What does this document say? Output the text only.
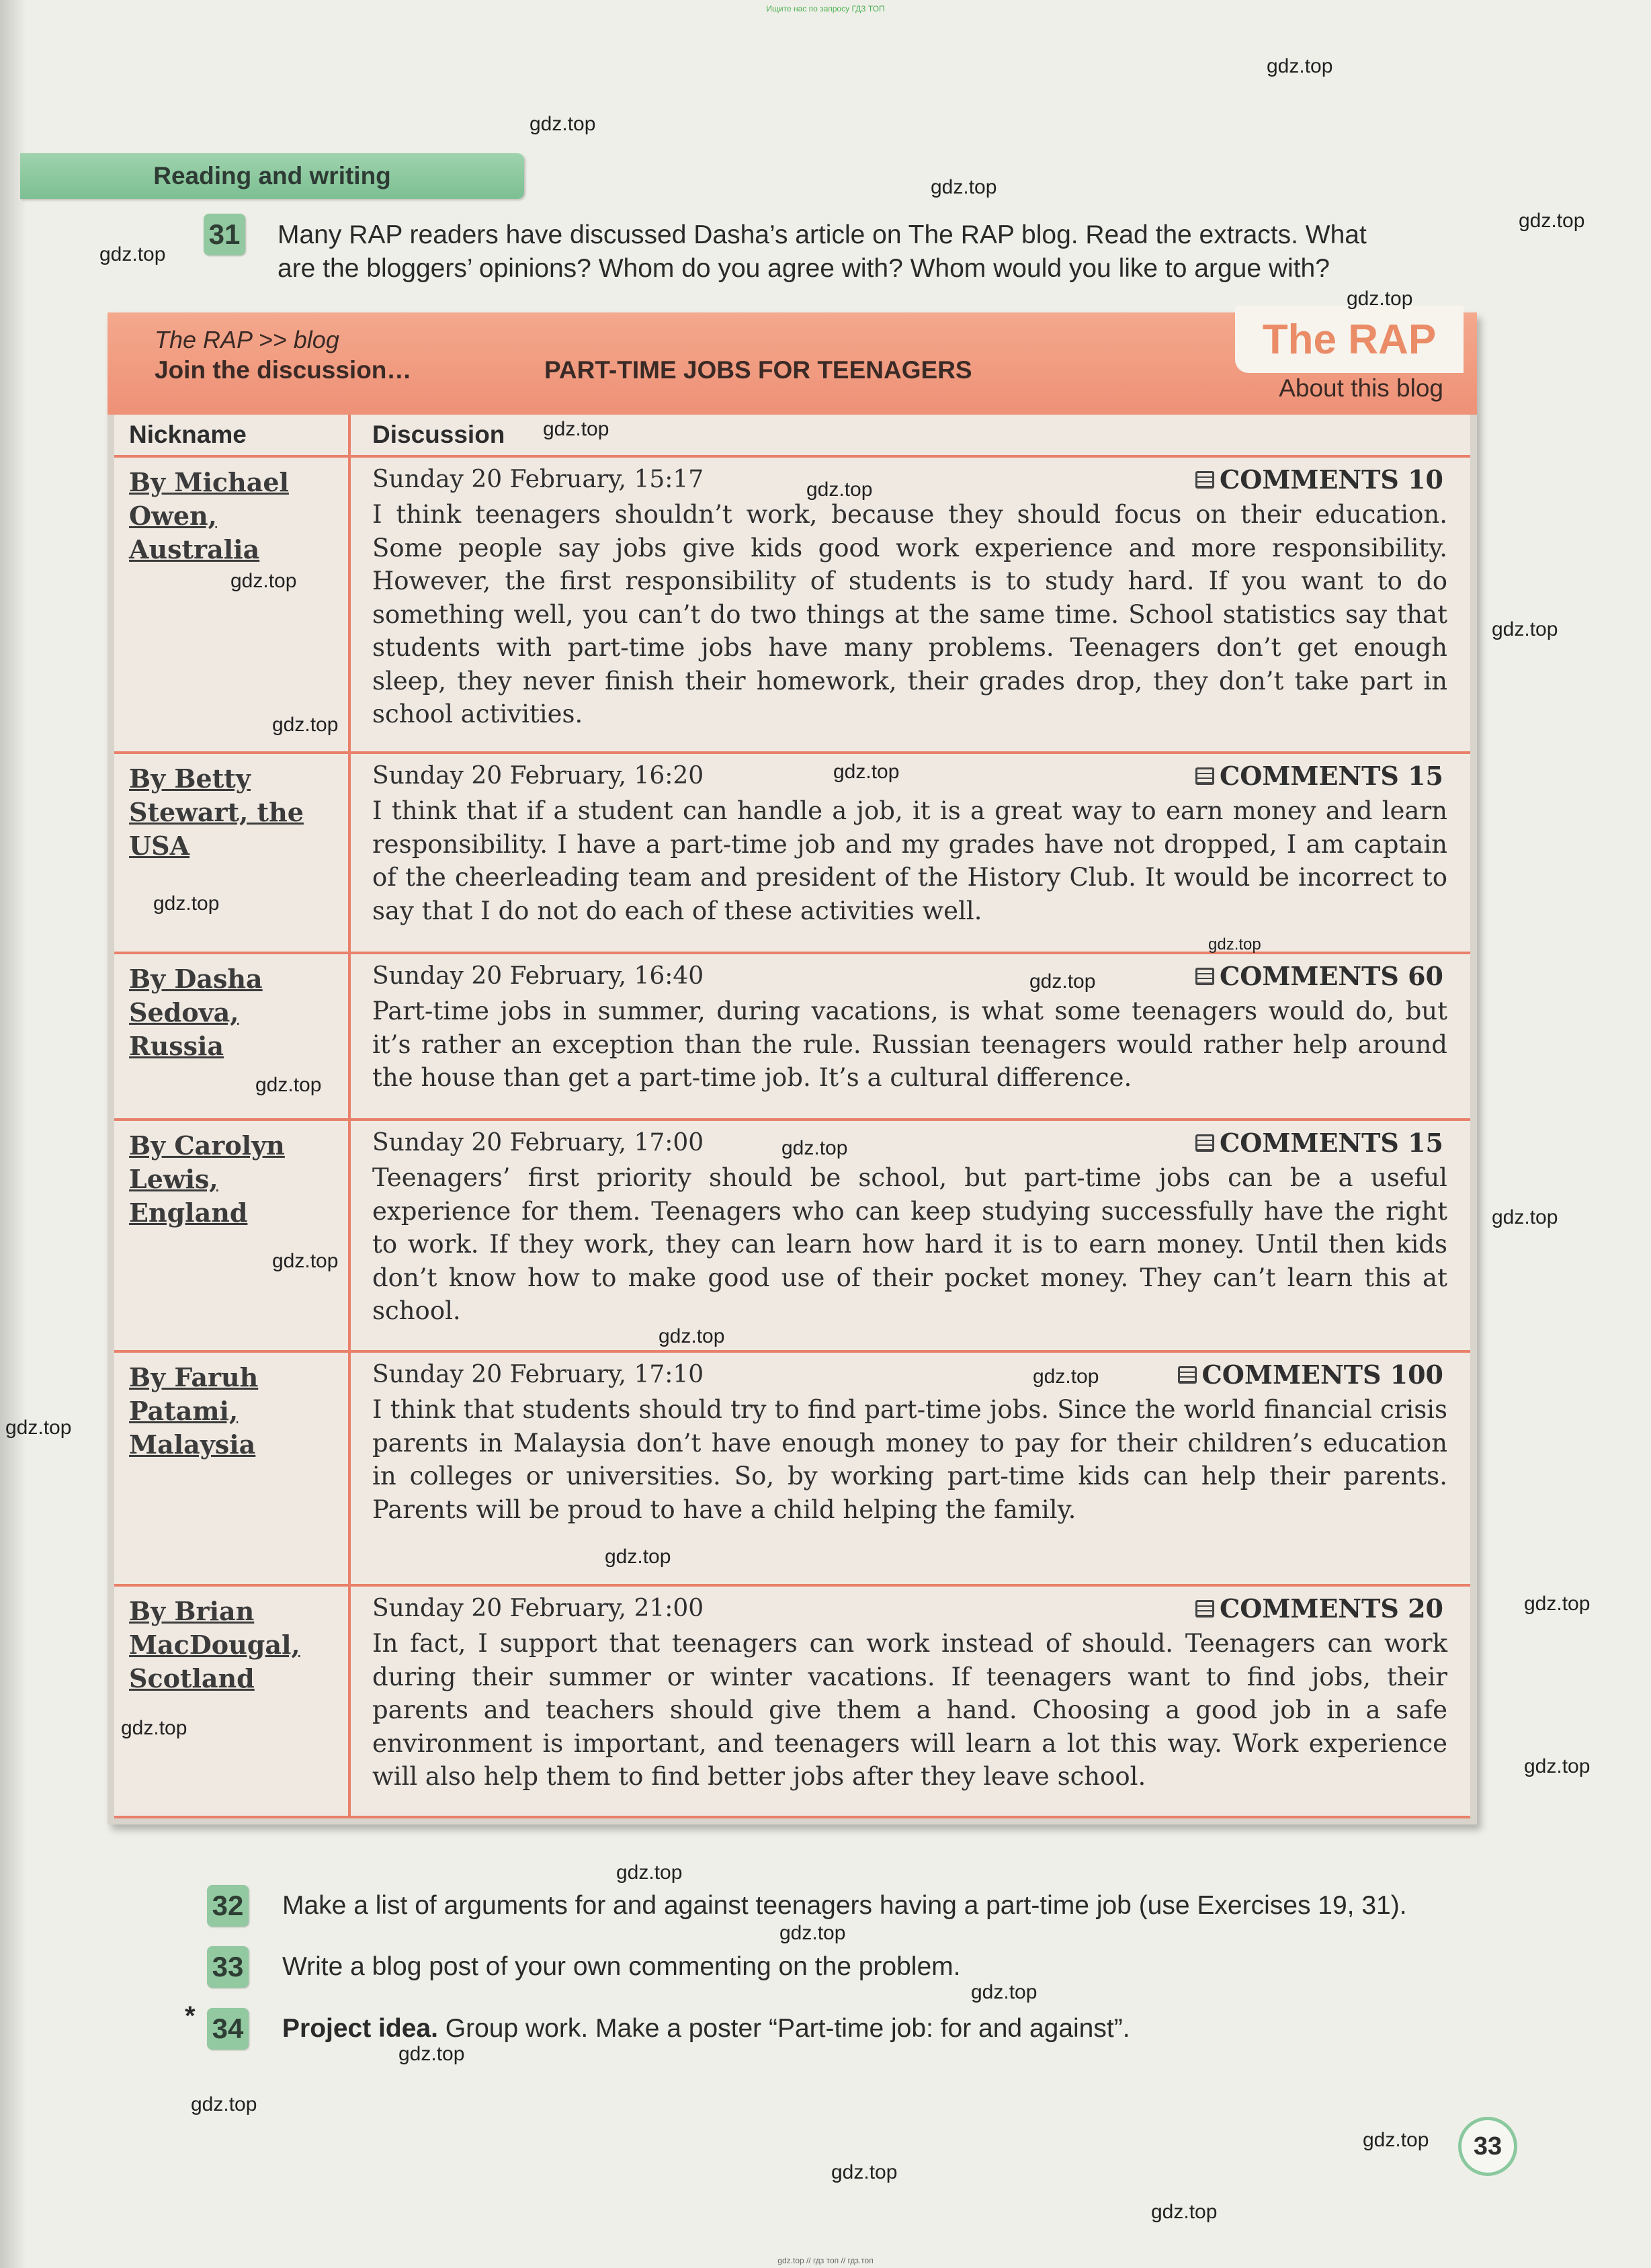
Ищите нас по запросу ГДЗ ТОП
Reading and writing
31 Many RAP readers have discussed Dasha’s article on The RAP blog. Read the extracts. What
are the bloggers’ opinions? Whom do you agree with? Whom would you like to argue with?
The RAP >> blog
Join the discussion…	PART-TIME JOBS FOR TEENAGERS
The RAP
About this blog
Nickname	Discussion
By Michael Owen, Australia
Sunday 20 February, 15:17	COMMENTS 10
I think teenagers shouldn’t work, because they should focus on their education. Some people say jobs give kids good work experience and more responsibility. However, the first responsibility of students is to study hard. If you want to do something well, you can’t do two things at the same time. School statistics say that students with part-time jobs have many problems. Teenagers don’t get enough sleep, they never finish their homework, their grades drop, they don’t take part in school activities.
By Betty Stewart, the USA
Sunday 20 February, 16:20	COMMENTS 15
I think that if a student can handle a job, it is a great way to earn money and learn responsibility. I have a part-time job and my grades have not dropped, I am captain of the cheerleading team and president of the History Club. It would be incorrect to say that I do not do each of these activities well.
By Dasha Sedova, Russia
Sunday 20 February, 16:40	COMMENTS 60
Part-time jobs in summer, during vacations, is what some teenagers would do, but it’s rather an exception than the rule. Russian teenagers would rather help around the house than get a part-time job. It’s a cultural difference.
By Carolyn Lewis, England
Sunday 20 February, 17:00	COMMENTS 15
Teenagers’ first priority should be school, but part-time jobs can be a useful experience for them. Teenagers who can keep studying successfully have the right to work. If they work, they can learn how hard it is to earn money. Until then kids don’t know how to make good use of their pocket money. They can’t learn this at school.
By Faruh Patami, Malaysia
Sunday 20 February, 17:10	COMMENTS 100
I think that students should try to find part-time jobs. Since the world financial crisis parents in Malaysia don’t have enough money to pay for their children’s education in colleges or universities. So, by working part-time kids can help their parents. Parents will be proud to have a child helping the family.
By Brian MacDougal, Scotland
Sunday 20 February, 21:00	COMMENTS 20
In fact, I support that teenagers can work instead of should. Teenagers can work during their summer or winter vacations. If teenagers want to find jobs, their parents and teachers should give them a hand. Choosing a good job in a safe environment is important, and teenagers will learn a lot this way. Work experience will also help them to find better jobs after they leave school.
32 Make a list of arguments for and against teenagers having a part-time job (use Exercises 19, 31).
33 Write a blog post of your own commenting on the problem.
* 34 Project idea. Group work. Make a poster “Part-time job: for and against”.
33
gdz.top
gdz.top
gdz.top
gdz.top
gdz.top
gdz.top
gdz.top
gdz.top
gdz.top
gdz.top
gdz.top
gdz.top
gdz.top
gdz.top
gdz.top
gdz.top
gdz.top
gdz.top
gdz.top
gdz.top
gdz.top
gdz.top
gdz.top
gdz.top
gdz.top
gdz.top
gdz.top
gdz.top
gdz.top
gdz.top
gdz.top
gdz.top
gdz.top
gdz.top
gdz.top // гдз топ // гдз.топ
